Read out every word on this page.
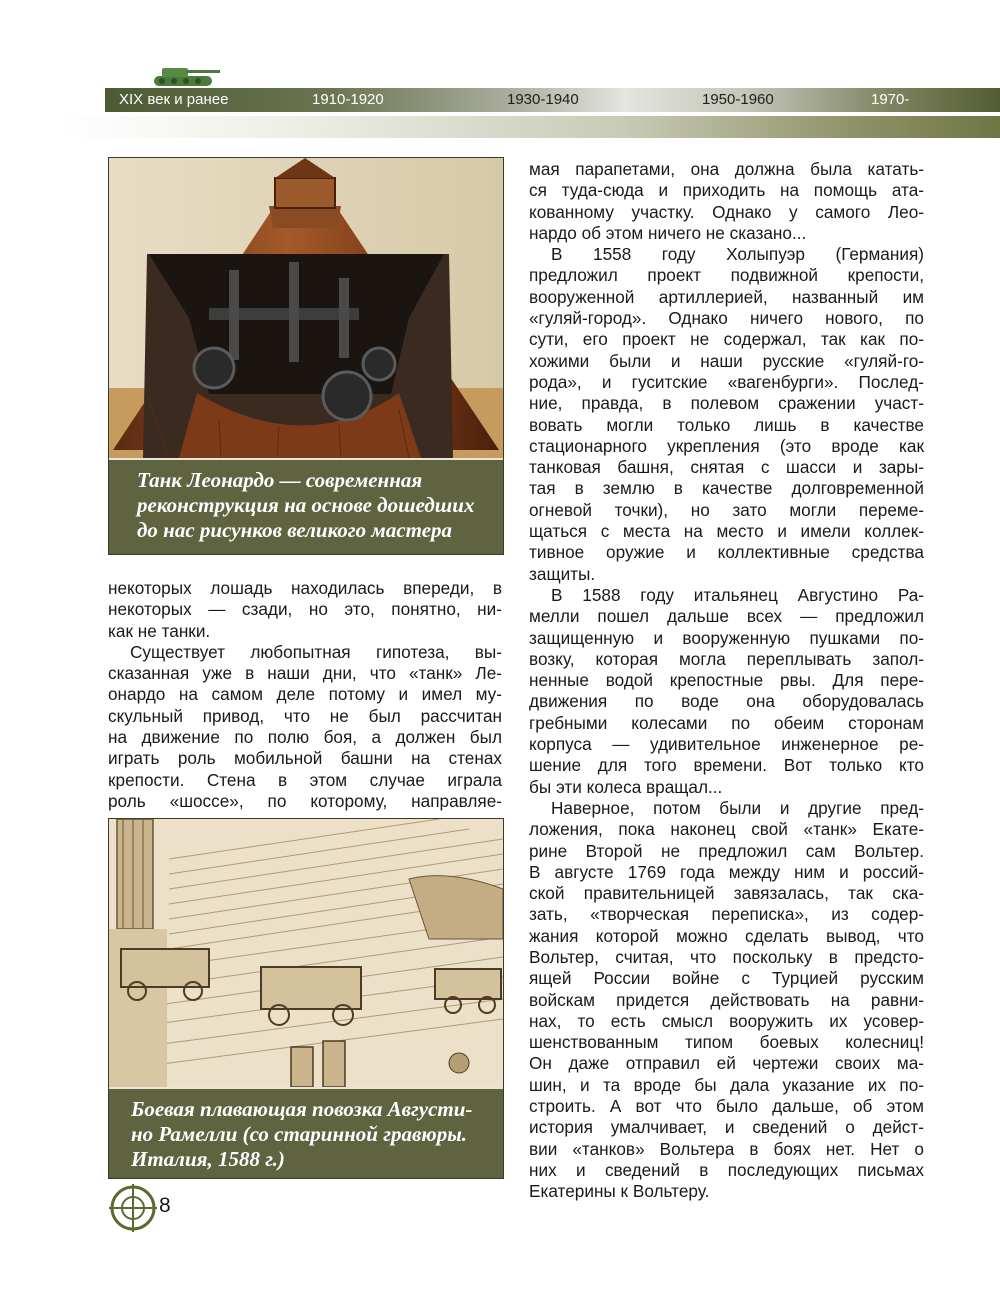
XIX век и ранее	1910-1920	1930-1940	1950-1960	1970-
Танк Леонардо — современная
реконструкция на основе дошедших
до нас рисунков великого мастера
некоторых лошадь находилась впереди, в
некоторых — сзади, но это, понятно, ни-
как не танки.
Существует любопытная гипотеза, вы-
сказанная уже в наши дни, что «танк» Ле-
онардо на самом деле потому и имел му-
скульный привод, что не был рассчитан
на движение по полю боя, а должен был
играть роль мобильной башни на стенах
крепости. Стена в этом случае играла
роль «шоссе», по которому, направляе-
Боевая плавающая повозка Августи-
но Рамелли (со старинной гравюры.
Италия, 1588 г.)
мая парапетами, она должна была катать-
ся туда-сюда и приходить на помощь ата-
кованному участку. Однако у самого Лео-
нардо об этом ничего не сказано...
В 1558 году Холыпуэр (Германия)
предложил проект подвижной крепости,
вооруженной артиллерией, названный им
«гуляй-город». Однако ничего нового, по
сути, его проект не содержал, так как по-
хожими были и наши русские «гуляй-го-
рода», и гуситские «вагенбурги». Послед-
ние, правда, в полевом сражении участ-
вовать могли только лишь в качестве
стационарного укрепления (это вроде как
танковая башня, снятая с шасси и зары-
тая в землю в качестве долговременной
огневой точки), но зато могли переме-
щаться с места на место и имели коллек-
тивное оружие и коллективные средства
защиты.
В 1588 году итальянец Августино Ра-
мелли пошел дальше всех — предложил
защищенную и вооруженную пушками по-
возку, которая могла переплывать запол-
ненные водой крепостные рвы. Для пере-
движения по воде она оборудовалась
гребными колесами по обеим сторонам
корпуса — удивительное инженерное ре-
шение для того времени. Вот только кто
бы эти колеса вращал...
Наверное, потом были и другие пред-
ложения, пока наконец свой «танк» Екате-
рине Второй не предложил сам Вольтер.
В августе 1769 года между ним и россий-
ской правительницей завязалась, так ска-
зать, «творческая переписка», из содер-
жания которой можно сделать вывод, что
Вольтер, считая, что поскольку в предсто-
ящей России войне с Турцией русским
войскам придется действовать на равни-
нах, то есть смысл вооружить их усовер-
шенствованным типом боевых колесниц!
Он даже отправил ей чертежи своих ма-
шин, и та вроде бы дала указание их по-
строить. А вот что было дальше, об этом
история умалчивает, и сведений о дейст-
вии «танков» Вольтера в боях нет. Нет о
них и сведений в последующих письмах
Екатерины к Вольтеру.
8
